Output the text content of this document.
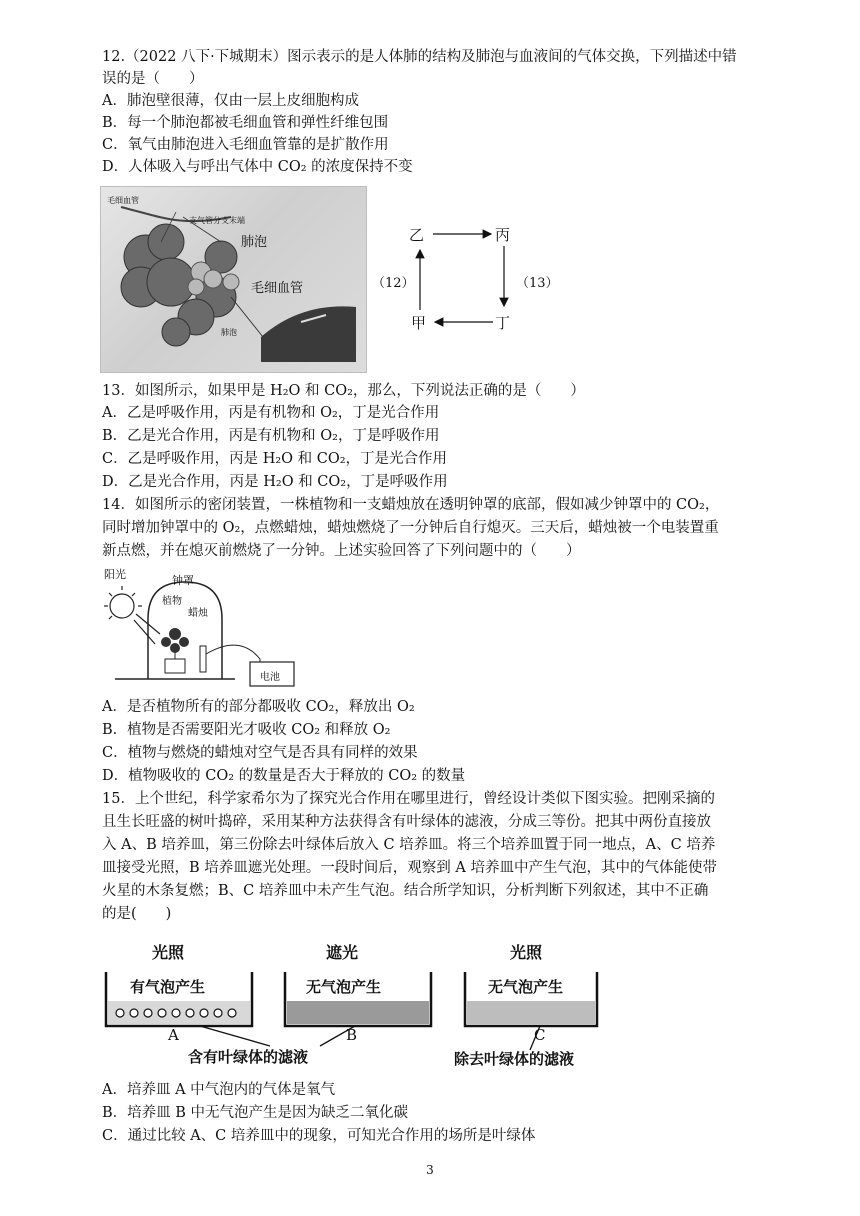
12.（2022 八下·下城期末）图示表示的是人体肺的结构及肺泡与血液间的气体交换，下列描述中错
误的是（　　）
A．肺泡壁很薄，仅由一层上皮细胞构成
B．每一个肺泡都被毛细血管和弹性纤维包围
C．氧气由肺泡进入毛细血管靠的是扩散作用
D．人体吸入与呼出气体中 CO₂ 的浓度保持不变
毛细血管
支气管分支末端
肺泡
毛细血管
肺泡
（12）
乙	丙
甲	丁
（13）
13．如图所示，如果甲是 H₂O 和 CO₂，那么，下列说法正确的是（　　）
A．乙是呼吸作用，丙是有机物和 O₂，丁是光合作用
B．乙是光合作用，丙是有机物和 O₂，丁是呼吸作用
C．乙是呼吸作用，丙是 H₂O 和 CO₂，丁是光合作用
D．乙是光合作用，丙是 H₂O 和 CO₂，丁是呼吸作用
14．如图所示的密闭装置，一株植物和一支蜡烛放在透明钟罩的底部，假如减少钟罩中的 CO₂，
同时增加钟罩中的 O₂，点燃蜡烛，蜡烛燃烧了一分钟后自行熄灭。三天后，蜡烛被一个电装置重
新点燃，并在熄灭前燃烧了一分钟。上述实验回答了下列问题中的（　　）
阳光	钟罩
植物
蜡烛
电池
A．是否植物所有的部分都吸收 CO₂，释放出 O₂
B．植物是否需要阳光才吸收 CO₂ 和释放 O₂
C．植物与燃烧的蜡烛对空气是否具有同样的效果
D．植物吸收的 CO₂ 的数量是否大于释放的 CO₂ 的数量
15．上个世纪，科学家希尔为了探究光合作用在哪里进行，曾经设计类似下图实验。把刚采摘的
且生长旺盛的树叶捣碎，采用某种方法获得含有叶绿体的滤液，分成三等份。把其中两份直接放
入 A、B 培养皿，第三份除去叶绿体后放入 C 培养皿。将三个培养皿置于同一地点，A、C 培养
皿接受光照，B 培养皿遮光处理。一段时间后，观察到 A 培养皿中产生气泡，其中的气体能使带
火星的木条复燃；B、C 培养皿中未产生气泡。结合所学知识，分析判断下列叙述，其中不正确
的是(　　)
光照	遮光	光照
有气泡产生	无气泡产生	无气泡产生
A	B	C
含有叶绿体的滤液	除去叶绿体的滤液
A．培养皿 A 中气泡内的气体是氧气
B．培养皿 B 中无气泡产生是因为缺乏二氧化碳
C．通过比较 A、C 培养皿中的现象，可知光合作用的场所是叶绿体
3
